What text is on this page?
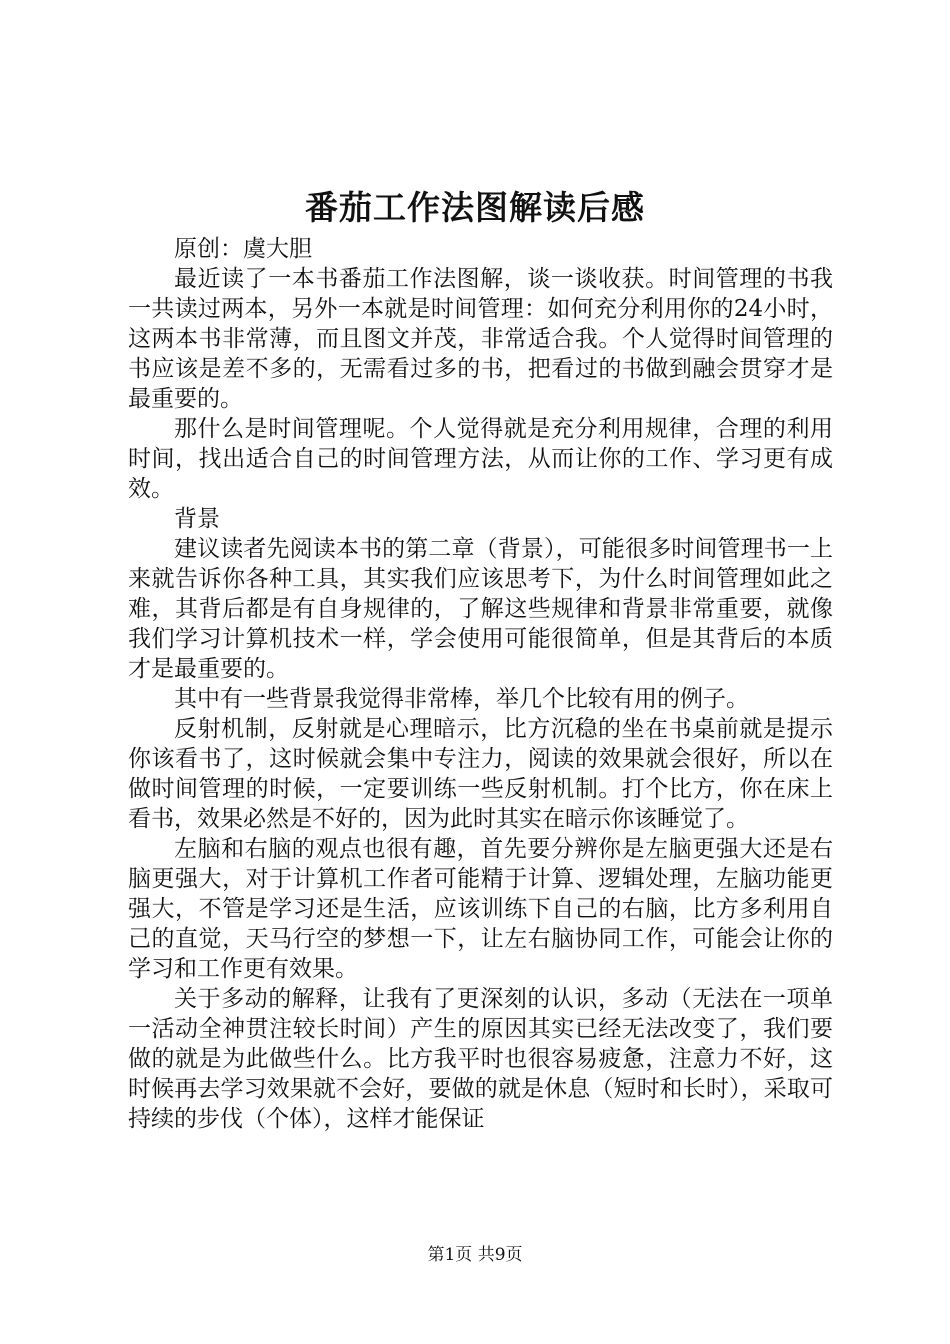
番茄工作法图解读后感

原创：虞大胆

最近读了一本书番茄工作法图解，谈一谈收获。时间管理的书我一共读过两本，另外一本就是时间管理：如何充分利用你的24小时，这两本书非常薄，而且图文并茂，非常适合我。个人觉得时间管理的书应该是差不多的，无需看过多的书，把看过的书做到融会贯穿才是最重要的。

那什么是时间管理呢。个人觉得就是充分利用规律，合理的利用时间，找出适合自己的时间管理方法，从而让你的工作、学习更有成效。

背景

建议读者先阅读本书的第二章（背景），可能很多时间管理书一上来就告诉你各种工具，其实我们应该思考下，为什么时间管理如此之难，其背后都是有自身规律的，了解这些规律和背景非常重要，就像我们学习计算机技术一样，学会使用可能很简单，但是其背后的本质才是最重要的。

其中有一些背景我觉得非常棒，举几个比较有用的例子。

反射机制，反射就是心理暗示，比方沉稳的坐在书桌前就是提示你该看书了，这时候就会集中专注力，阅读的效果就会很好，所以在做时间管理的时候，一定要训练一些反射机制。打个比方，你在床上看书，效果必然是不好的，因为此时其实在暗示你该睡觉了。

左脑和右脑的观点也很有趣，首先要分辨你是左脑更强大还是右脑更强大，对于计算机工作者可能精于计算、逻辑处理，左脑功能更强大，不管是学习还是生活，应该训练下自己的右脑，比方多利用自己的直觉，天马行空的梦想一下，让左右脑协同工作，可能会让你的学习和工作更有效果。

关于多动的解释，让我有了更深刻的认识，多动（无法在一项单一活动全神贯注较长时间）产生的原因其实已经无法改变了，我们要做的就是为此做些什么。比方我平时也很容易疲惫，注意力不好，这时候再去学习效果就不会好，要做的就是休息（短时和长时），采取可持续的步伐（个体），这样才能保证

第1页 共9页
